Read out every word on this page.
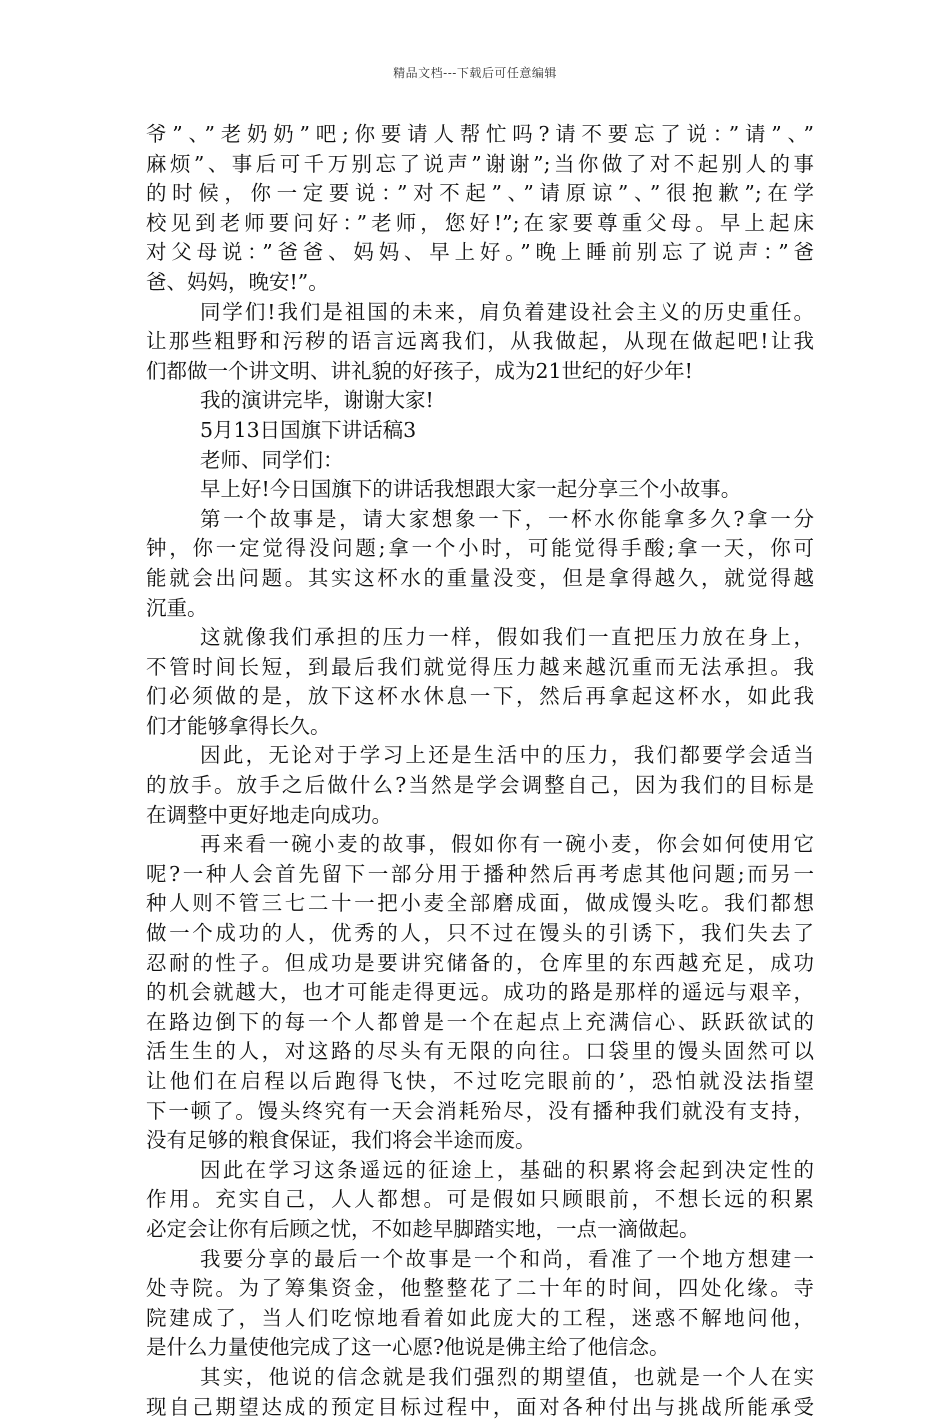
精品文档---下载后可任意编辑
爷”、”老奶奶”吧;你要请人帮忙吗?请不要忘了说：”请”、”
麻烦”、事后可千万别忘了说声”谢谢”;当你做了对不起别人的事
的时候，你一定要说：”对不起”、”请原谅”、”很抱歉”;在学
校见到老师要问好：”老师，您好!”;在家要尊重父母。早上起床
对父母说：”爸爸、妈妈、早上好。”晚上睡前别忘了说声：”爸
爸、妈妈，晚安!”。
同学们!我们是祖国的未来，肩负着建设社会主义的历史重任。
让那些粗野和污秽的语言远离我们，从我做起，从现在做起吧!让我
们都做一个讲文明、讲礼貌的好孩子，成为21世纪的好少年!
我的演讲完毕，谢谢大家!
5月13日国旗下讲话稿3
老师、同学们：
早上好!今日国旗下的讲话我想跟大家一起分享三个小故事。
第一个故事是，请大家想象一下，一杯水你能拿多久?拿一分
钟，你一定觉得没问题;拿一个小时，可能觉得手酸;拿一天，你可
能就会出问题。其实这杯水的重量没变，但是拿得越久，就觉得越
沉重。
这就像我们承担的压力一样，假如我们一直把压力放在身上，
不管时间长短，到最后我们就觉得压力越来越沉重而无法承担。我
们必须做的是，放下这杯水休息一下，然后再拿起这杯水，如此我
们才能够拿得长久。
因此，无论对于学习上还是生活中的压力，我们都要学会适当
的放手。放手之后做什么?当然是学会调整自己，因为我们的目标是
在调整中更好地走向成功。
再来看一碗小麦的故事，假如你有一碗小麦，你会如何使用它
呢?一种人会首先留下一部分用于播种然后再考虑其他问题;而另一
种人则不管三七二十一把小麦全部磨成面，做成馒头吃。我们都想
做一个成功的人，优秀的人，只不过在馒头的引诱下，我们失去了
忍耐的性子。但成功是要讲究储备的，仓库里的东西越充足，成功
的机会就越大，也才可能走得更远。成功的路是那样的遥远与艰辛，
在路边倒下的每一个人都曾是一个在起点上充满信心、跃跃欲试的
活生生的人，对这路的尽头有无限的向往。口袋里的馒头固然可以
让他们在启程以后跑得飞快，不过吃完眼前的’，恐怕就没法指望
下一顿了。馒头终究有一天会消耗殆尽，没有播种我们就没有支持，
没有足够的粮食保证，我们将会半途而废。
因此在学习这条遥远的征途上，基础的积累将会起到决定性的
作用。充实自己，人人都想。可是假如只顾眼前，不想长远的积累
必定会让你有后顾之忧，不如趁早脚踏实地，一点一滴做起。
我要分享的最后一个故事是一个和尚，看准了一个地方想建一
处寺院。为了筹集资金，他整整花了二十年的时间，四处化缘。寺
院建成了，当人们吃惊地看着如此庞大的工程，迷惑不解地问他，
是什么力量使他完成了这一心愿?他说是佛主给了他信念。
其实，他说的信念就是我们强烈的期望值，也就是一个人在实
现自己期望达成的预定目标过程中，面对各种付出与挑战所能承受
